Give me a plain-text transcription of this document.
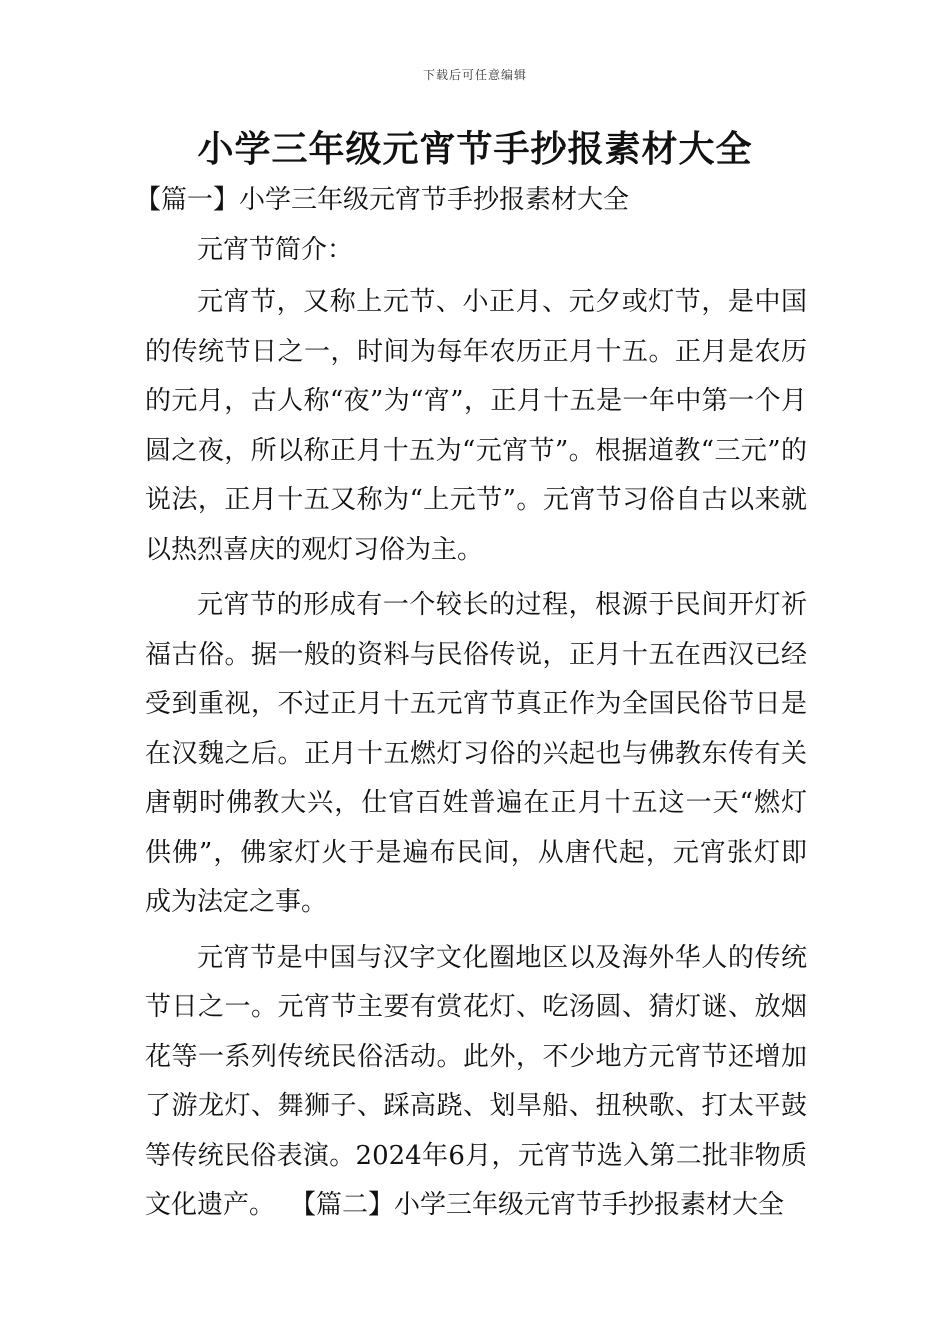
下载后可任意编辑
小学三年级元宵节手抄报素材大全
【篇一】小学三年级元宵节手抄报素材大全
元宵节简介：

元宵节，又称上元节、小正月、元夕或灯节，是中国的传统节日之一，时间为每年农历正月十五。正月是农历的元月，古人称“夜”为“宵”，正月十五是一年中第一个月圆之夜，所以称正月十五为“元宵节”。根据道教“三元”的说法，正月十五又称为“上元节”。元宵节习俗自古以来就以热烈喜庆的观灯习俗为主。

元宵节的形成有一个较长的过程，根源于民间开灯祈福古俗。据一般的资料与民俗传说，正月十五在西汉已经受到重视，不过正月十五元宵节真正作为全国民俗节日是在汉魏之后。正月十五燃灯习俗的兴起也与佛教东传有关唐朝时佛教大兴，仕官百姓普遍在正月十五这一天“燃灯供佛”，佛家灯火于是遍布民间，从唐代起，元宵张灯即成为法定之事。

元宵节是中国与汉字文化圈地区以及海外华人的传统节日之一。元宵节主要有赏花灯、吃汤圆、猜灯谜、放烟花等一系列传统民俗活动。此外，不少地方元宵节还增加了游龙灯、舞狮子、踩高跷、划旱船、扭秧歌、打太平鼓等传统民俗表演。2024年6月，元宵节选入第二批非物质文化遗产。 【篇二】小学三年级元宵节手抄报素材大全
